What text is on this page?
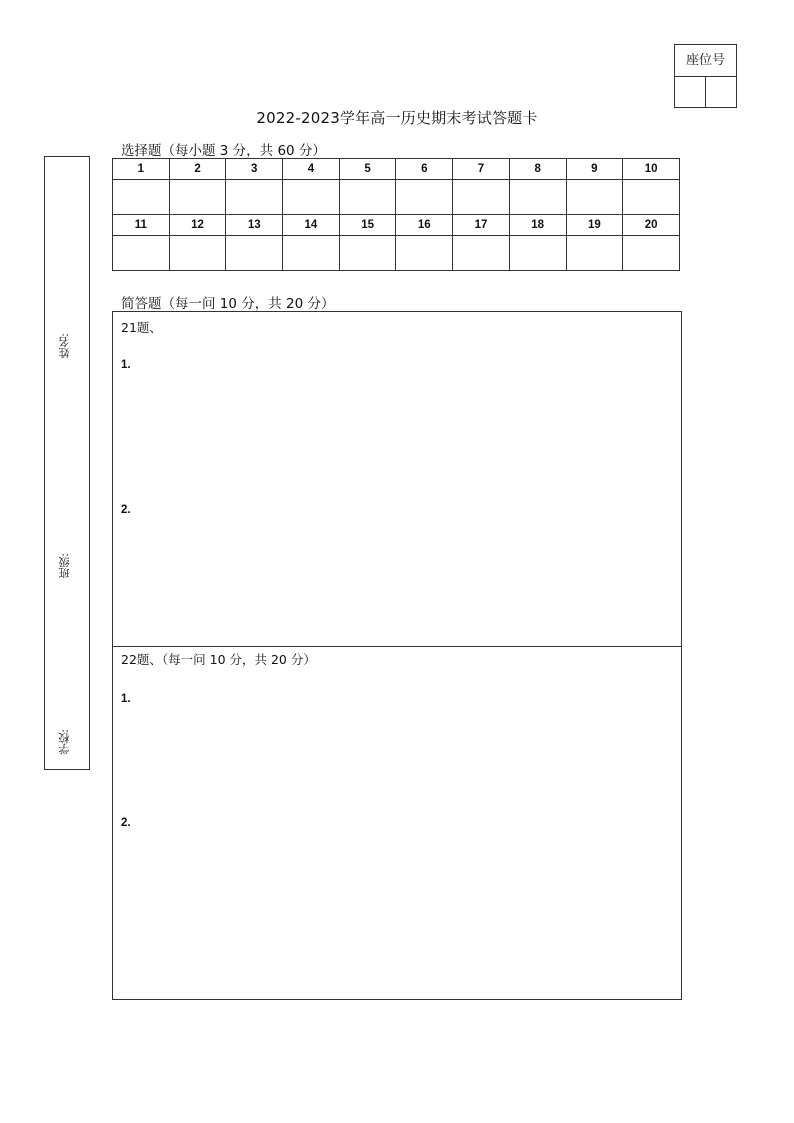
座位号
2022-2023学年高一历史期末考试答题卡
姓名:
班级:
学校:
选择题（每小题 3 分，共 60 分）
1	2	3	4	5	6	7	8	9	10

11	12	13	14	15	16	17	18	19	20

简答题（每一问 10 分，共 20 分）
21题、
1.
2.
22题、（每一问 10 分，共 20 分）
1.
2.
